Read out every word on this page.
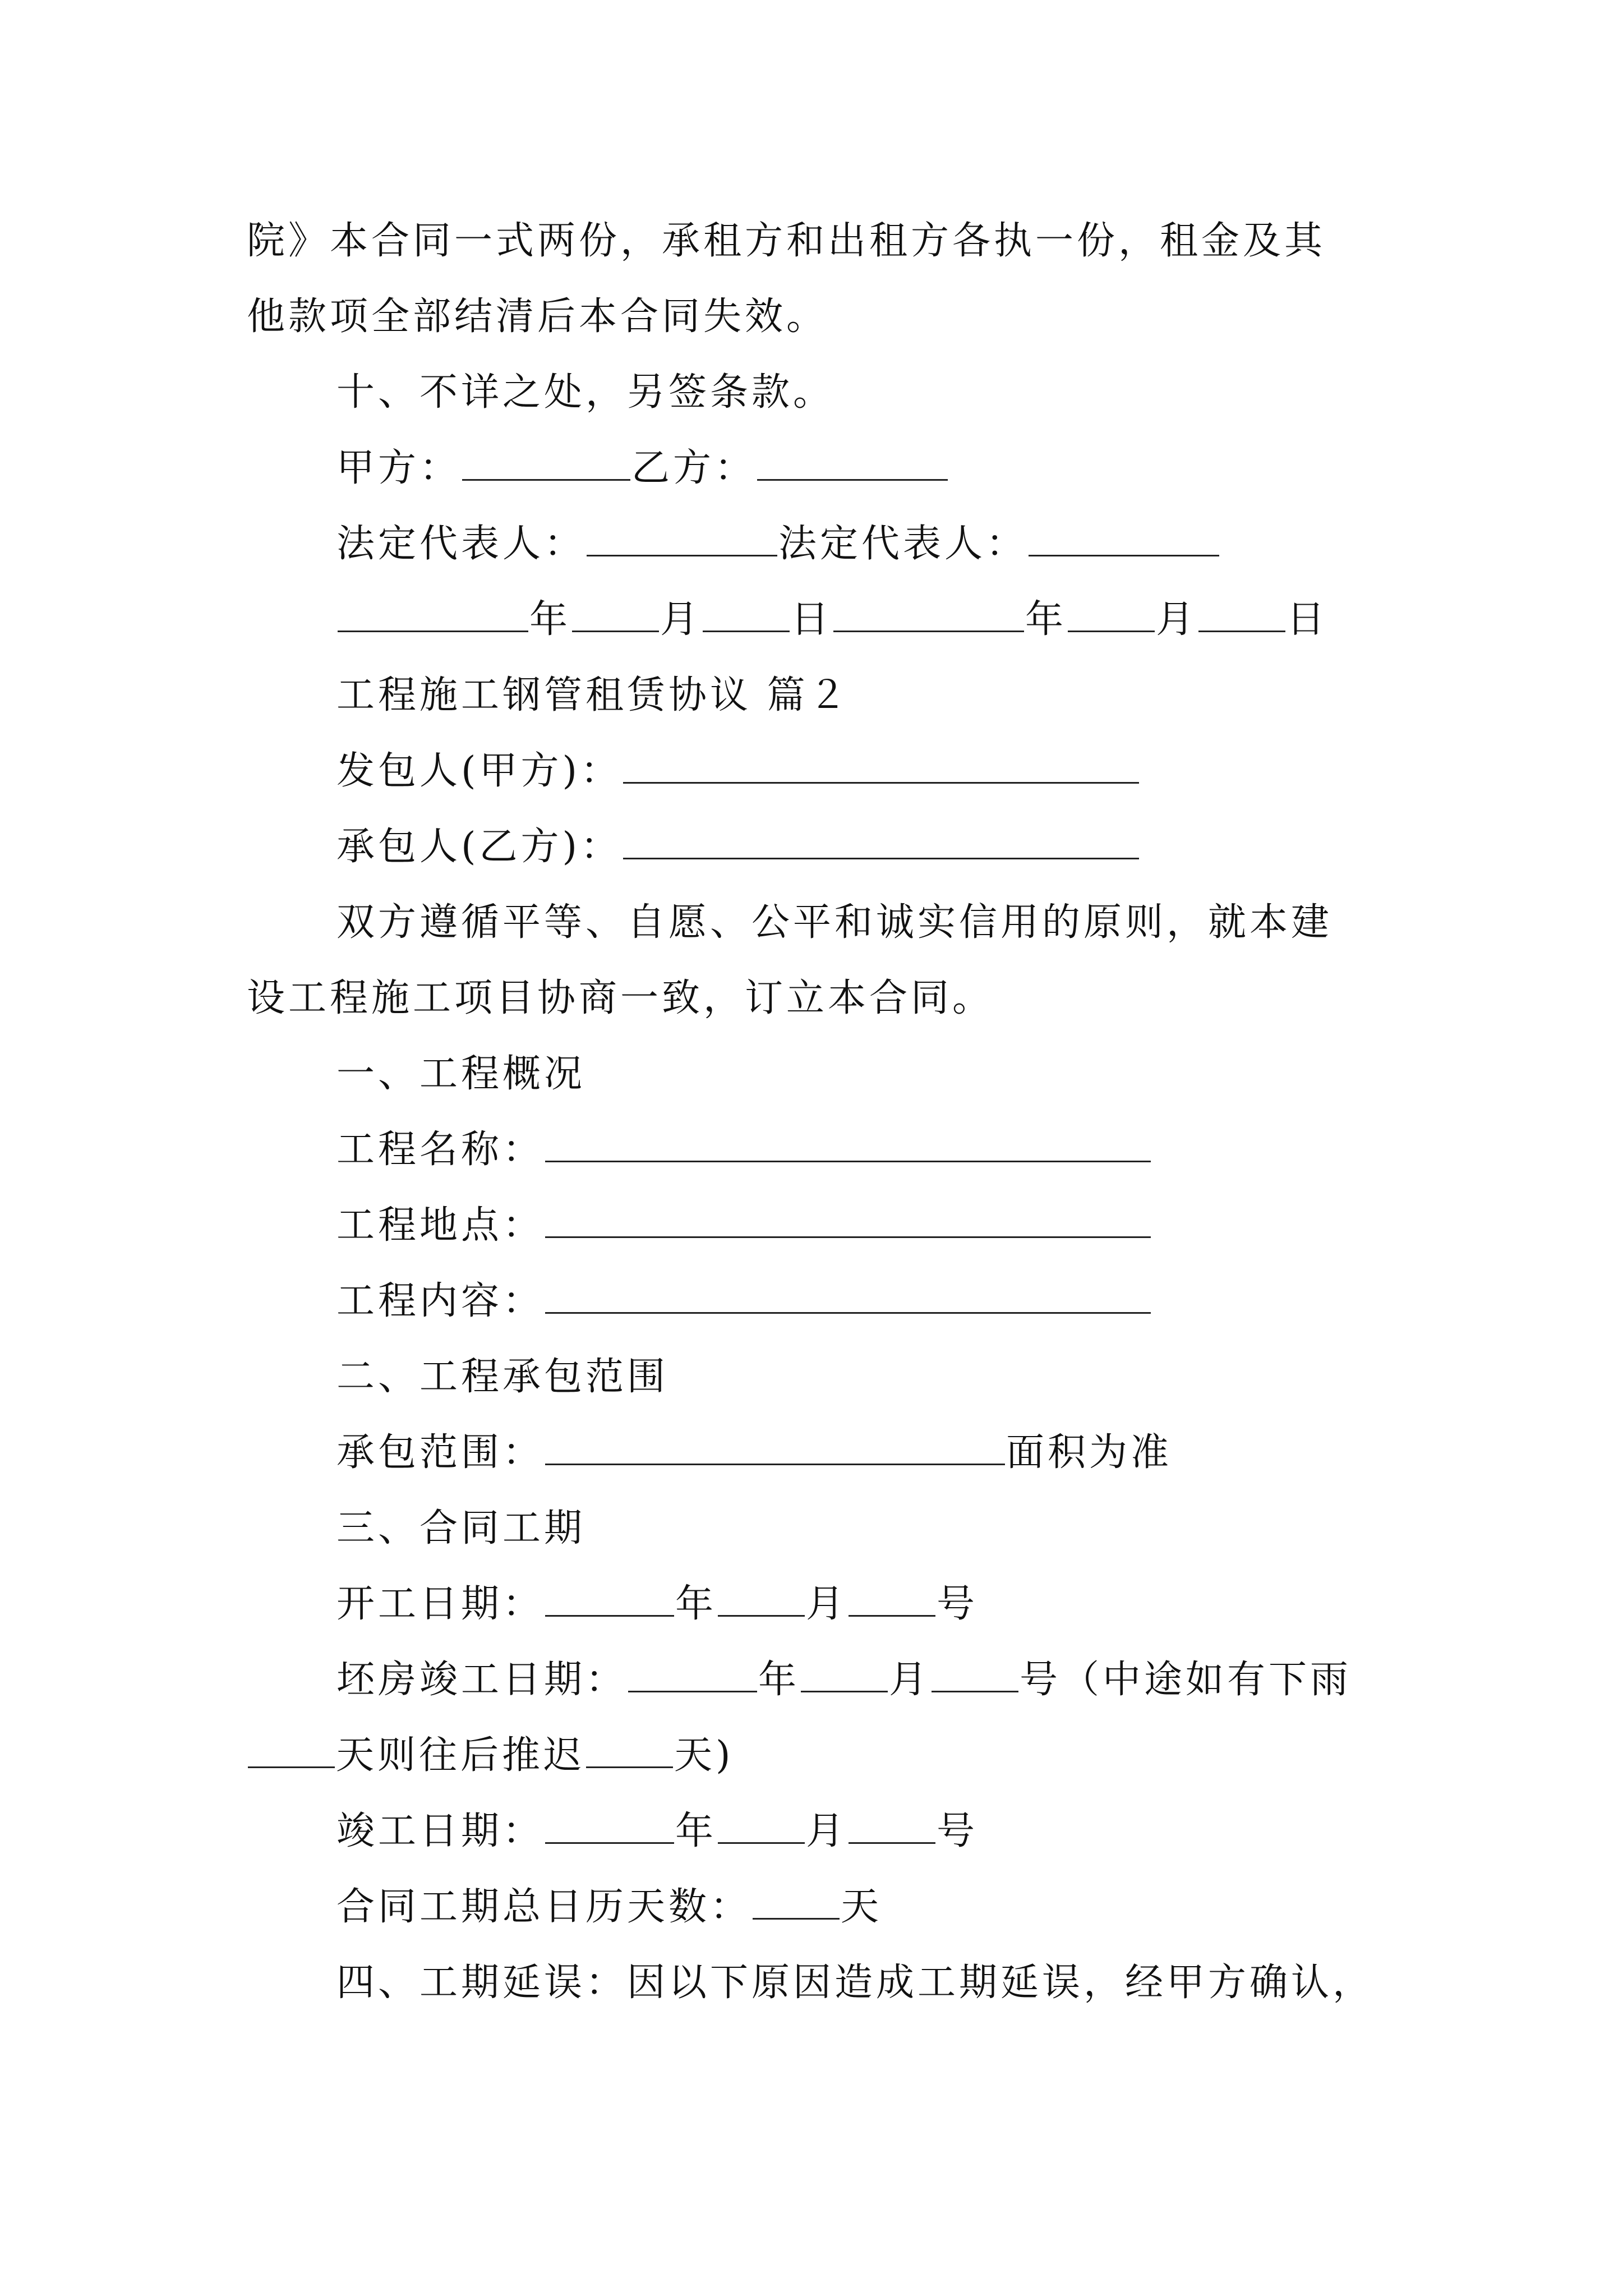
院》本合同一式两份，承租方和出租方各执一份，租金及其
他款项全部结清后本合同失效。
十、不详之处，另签条款。
甲方：	乙方：
法定代表人：	法定代表人：
年 月 日	年 月 日
工程施工钢管租赁协议 篇２
发包人(甲方)：
承包人(乙方)：
双方遵循平等、自愿、公平和诚实信用的原则，就本建
设工程施工项目协商一致，订立本合同。
一、工程概况
工程名称：
工程地点：
工程内容：
二、工程承包范围
承包范围：	面积为准
三、合同工期
开工日期：	年 月 号
坯房竣工日期：	年 月 号（中途如有下雨
天则往后推迟 天)
竣工日期：	年 月 号
合同工期总日历天数： 天
四、工期延误：因以下原因造成工期延误，经甲方确认，
